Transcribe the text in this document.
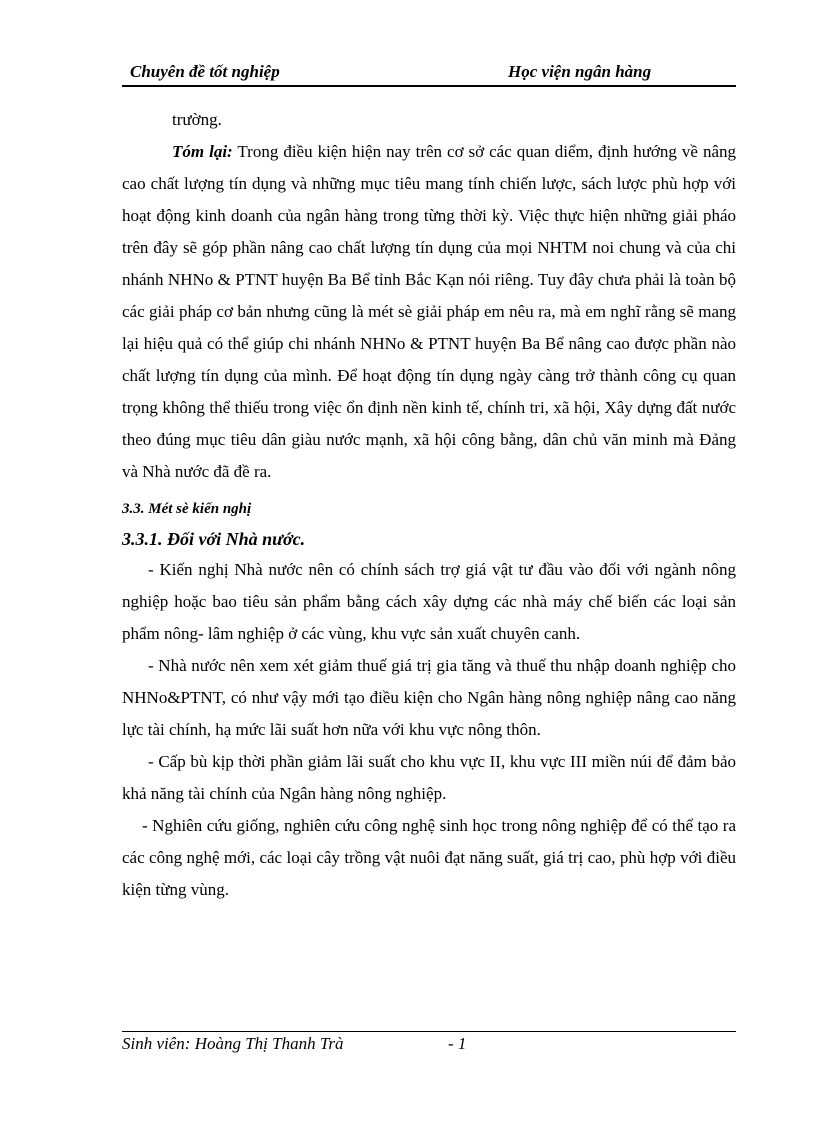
Chuyên đề tốt nghiệp	Học viện ngân hàng

trường.

Tóm lại: Trong điều kiện hiện nay trên cơ sở các quan diểm, định hướng về nâng cao chất lượng tín dụng và những mục tiêu mang tính chiến lược, sách lược phù hợp với hoạt động kinh doanh của ngân hàng trong từng thời kỳ. Việc thực hiện những giải pháo trên đây sẽ góp phần nâng cao chất lượng tín dụng của mọi NHTM noi chung và của chi nhánh NHNo & PTNT huyện Ba Bể tỉnh Bắc Kạn nói riêng. Tuy đây chưa phải là toàn bộ các giải pháp cơ bản nhưng cũng là mét sè giải pháp em nêu ra, mà em nghĩ rằng sẽ mang lại hiệu quả có thể giúp chi nhánh NHNo & PTNT huyện Ba Bể nâng cao được phần nào chất lượng tín dụng của mình. Để hoạt động tín dụng ngày càng trở thành công cụ quan trọng không thể thiếu trong việc ổn định nền kinh tế, chính tri, xã hội, Xây dựng đất nước theo đúng mục tiêu dân giàu nước mạnh, xã hội công bằng, dân chủ văn minh mà Đảng và Nhà nước đã đề ra.

3.3. Mét sè kiến nghị

3.3.1. Đối với Nhà nước.

- Kiến nghị Nhà nước nên có chính sách trợ giá vật tư đầu vào đối với ngành nông nghiệp hoặc bao tiêu sản phẩm bằng cách xây dựng các nhà máy chế biến các loại sản phẩm nông- lâm nghiệp ở các vùng, khu vực sản xuất chuyên canh.

- Nhà nước nên xem xét giảm thuế giá trị gia tăng và thuế thu nhập doanh nghiệp cho NHNo&PTNT, có như vậy mới tạo điều kiện cho Ngân hàng nông nghiệp nâng cao năng lực tài chính, hạ mức lãi suất hơn nữa với khu vực nông thôn.

- Cấp bù kịp thời phần giảm lãi suất cho khu vực II, khu vực III miền núi để đảm bảo khả năng tài chính của Ngân hàng nông nghiệp.

- Nghiên cứu giống, nghiên cứu công nghệ sinh học trong nông nghiệp để có thể tạo ra các công nghệ mới, các loại cây trồng vật nuôi đạt năng suất, giá trị cao, phù hợp với điều kiện từng vùng.

Sinh viên: Hoàng Thị Thanh Trà	- 1
